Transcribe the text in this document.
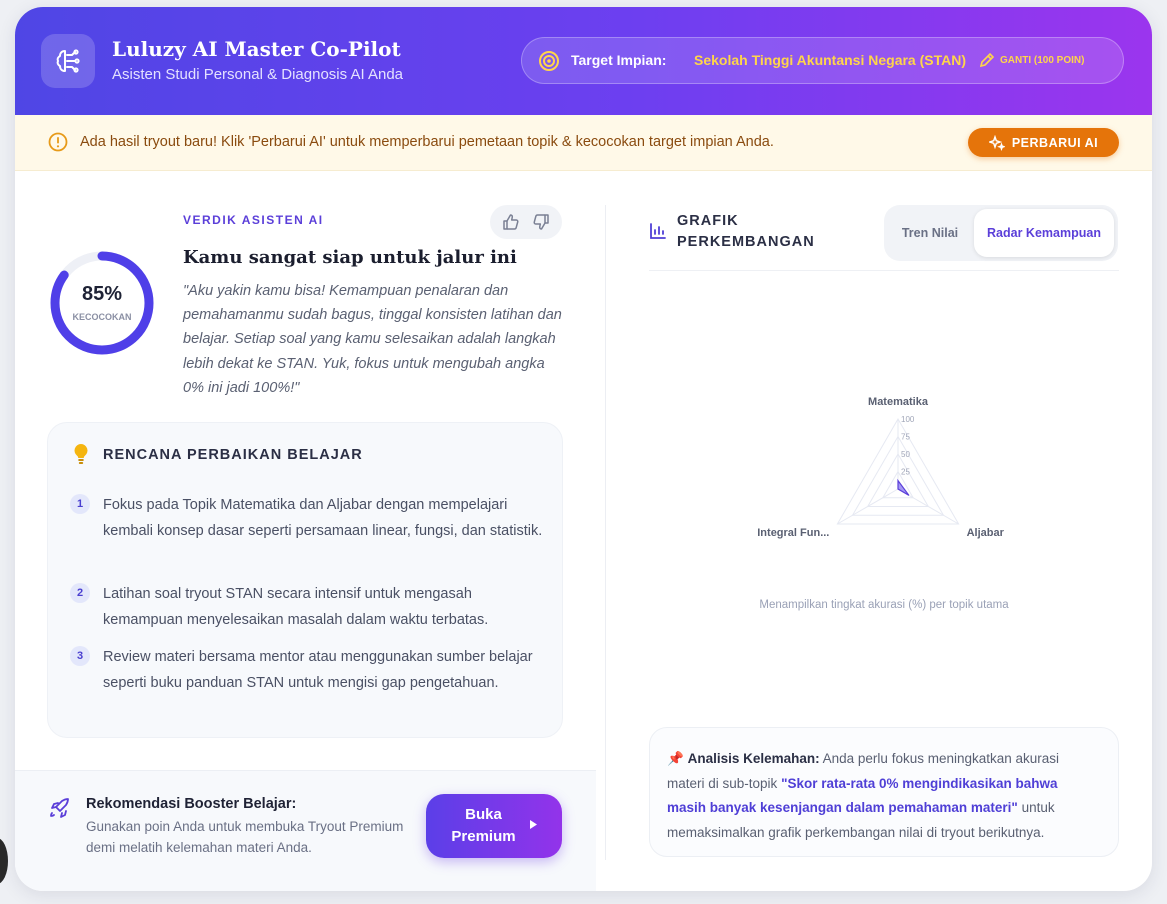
Luluzy AI Master Co-Pilot
Asisten Studi Personal & Diagnosis AI Anda
Target Impian: Sekolah Tinggi Akuntansi Negara (STAN)	GANTI (100 POIN)
Ada hasil tryout baru! Klik 'Perbarui AI' untuk memperbarui pemetaan topik & kecocokan target impian Anda.	PERBARUI AI
85%
KECOCOKAN
VERDIK ASISTEN AI
Kamu sangat siap untuk jalur ini
"Aku yakin kamu bisa! Kemampuan penalaran dan pemahamanmu sudah bagus, tinggal konsisten latihan dan belajar. Setiap soal yang kamu selesaikan adalah langkah lebih dekat ke STAN. Yuk, fokus untuk mengubah angka 0% ini jadi 100%!"
RENCANA PERBAIKAN BELAJAR
1	Fokus pada Topik Matematika dan Aljabar dengan mempelajari kembali konsep dasar seperti persamaan linear, fungsi, dan statistik.
2	Latihan soal tryout STAN secara intensif untuk mengasah kemampuan menyelesaikan masalah dalam waktu terbatas.
3	Review materi bersama mentor atau menggunakan sumber belajar seperti buku panduan STAN untuk mengisi gap pengetahuan.
Rekomendasi Booster Belajar:
Gunakan poin Anda untuk membuka Tryout Premium demi melatih kelemahan materi Anda.
Buka Premium
GRAFIK PERKEMBANGAN
Tren Nilai	Radar Kemampuan
100
75
50
25
Matematika
Aljabar
Integral Fun...
Menampilkan tingkat akurasi (%) per topik utama
📌 Analisis Kelemahan: Anda perlu fokus meningkatkan akurasi materi di sub-topik "Skor rata-rata 0% mengindikasikan bahwa masih banyak kesenjangan dalam pemahaman materi" untuk memaksimalkan grafik perkembangan nilai di tryout berikutnya.
